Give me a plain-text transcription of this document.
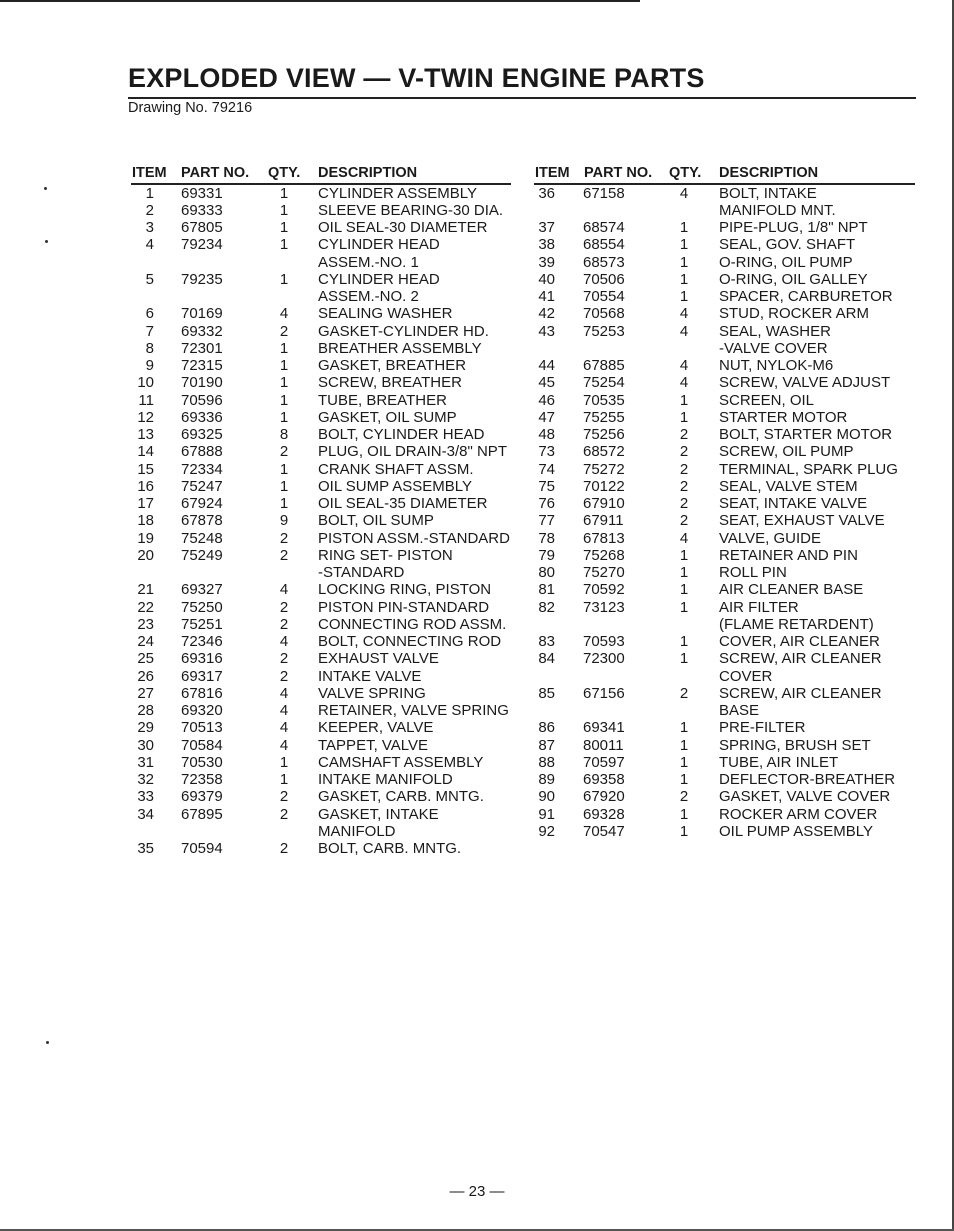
EXPLODED VIEW — V-TWIN ENGINE PARTS
Drawing No. 79216
ITEM PART NO. QTY. DESCRIPTION
1 69331	1	CYLINDER ASSEMBLY
2 69333	1	SLEEVE BEARING-30 DIA.
3 67805	1	OIL SEAL-30 DIAMETER
4 79234	1	CYLINDER HEAD
ASSEM.-NO. 1
5 79235	1	CYLINDER HEAD
ASSEM.-NO. 2
6 70169	4	SEALING WASHER
7 69332	2	GASKET-CYLINDER HD.
8 72301	1	BREATHER ASSEMBLY
9 72315	1	GASKET, BREATHER
10 70190	1	SCREW, BREATHER
11 70596	1	TUBE, BREATHER
12 69336	1	GASKET, OIL SUMP
13 69325	8	BOLT, CYLINDER HEAD
14 67888	2	PLUG, OIL DRAIN-3/8" NPT
15 72334	1	CRANK SHAFT ASSM.
16 75247	1	OIL SUMP ASSEMBLY
17 67924	1	OIL SEAL-35 DIAMETER
18 67878	9	BOLT, OIL SUMP
19 75248	2	PISTON ASSM.-STANDARD
20 75249	2	RING SET- PISTON
-STANDARD
21 69327	4	LOCKING RING, PISTON
22 75250	2	PISTON PIN-STANDARD
23 75251	2	CONNECTING ROD ASSM.
24 72346	4	BOLT, CONNECTING ROD
25 69316	2	EXHAUST VALVE
26 69317	2	INTAKE VALVE
27 67816	4	VALVE SPRING
28 69320	4	RETAINER, VALVE SPRING
29 70513	4	KEEPER, VALVE
30 70584	4	TAPPET, VALVE
31 70530	1	CAMSHAFT ASSEMBLY
32 72358	1	INTAKE MANIFOLD
33 69379	2	GASKET, CARB. MNTG.
34 67895	2	GASKET, INTAKE
MANIFOLD
35 70594	2	BOLT, CARB. MNTG.
ITEM PART NO. QTY. DESCRIPTION
36 67158	4	BOLT, INTAKE
MANIFOLD MNT.
37 68574	1	PIPE-PLUG, 1/8" NPT
38 68554	1	SEAL, GOV. SHAFT
39 68573	1	O-RING, OIL PUMP
40 70506	1	O-RING, OIL GALLEY
41 70554	1	SPACER, CARBURETOR
42 70568	4	STUD, ROCKER ARM
43 75253	4	SEAL, WASHER
-VALVE COVER
44 67885	4	NUT, NYLOK-M6
45 75254	4	SCREW, VALVE ADJUST
46 70535	1	SCREEN, OIL
47 75255	1	STARTER MOTOR
48 75256	2	BOLT, STARTER MOTOR
73 68572	2	SCREW, OIL PUMP
74 75272	2	TERMINAL, SPARK PLUG
75 70122	2	SEAL, VALVE STEM
76 67910	2	SEAT, INTAKE VALVE
77 67911	2	SEAT, EXHAUST VALVE
78 67813	4	VALVE, GUIDE
79 75268	1	RETAINER AND PIN
80 75270	1	ROLL PIN
81 70592	1	AIR CLEANER BASE
82 73123	1	AIR FILTER
(FLAME RETARDENT)
83 70593	1	COVER, AIR CLEANER
84 72300	1	SCREW, AIR CLEANER
COVER
85 67156	2	SCREW, AIR CLEANER
BASE
86 69341	1	PRE-FILTER
87 80011	1	SPRING, BRUSH SET
88 70597	1	TUBE, AIR INLET
89 69358	1	DEFLECTOR-BREATHER
90 67920	2	GASKET, VALVE COVER
91 69328	1	ROCKER ARM COVER
92 70547	1	OIL PUMP ASSEMBLY
— 23 —
